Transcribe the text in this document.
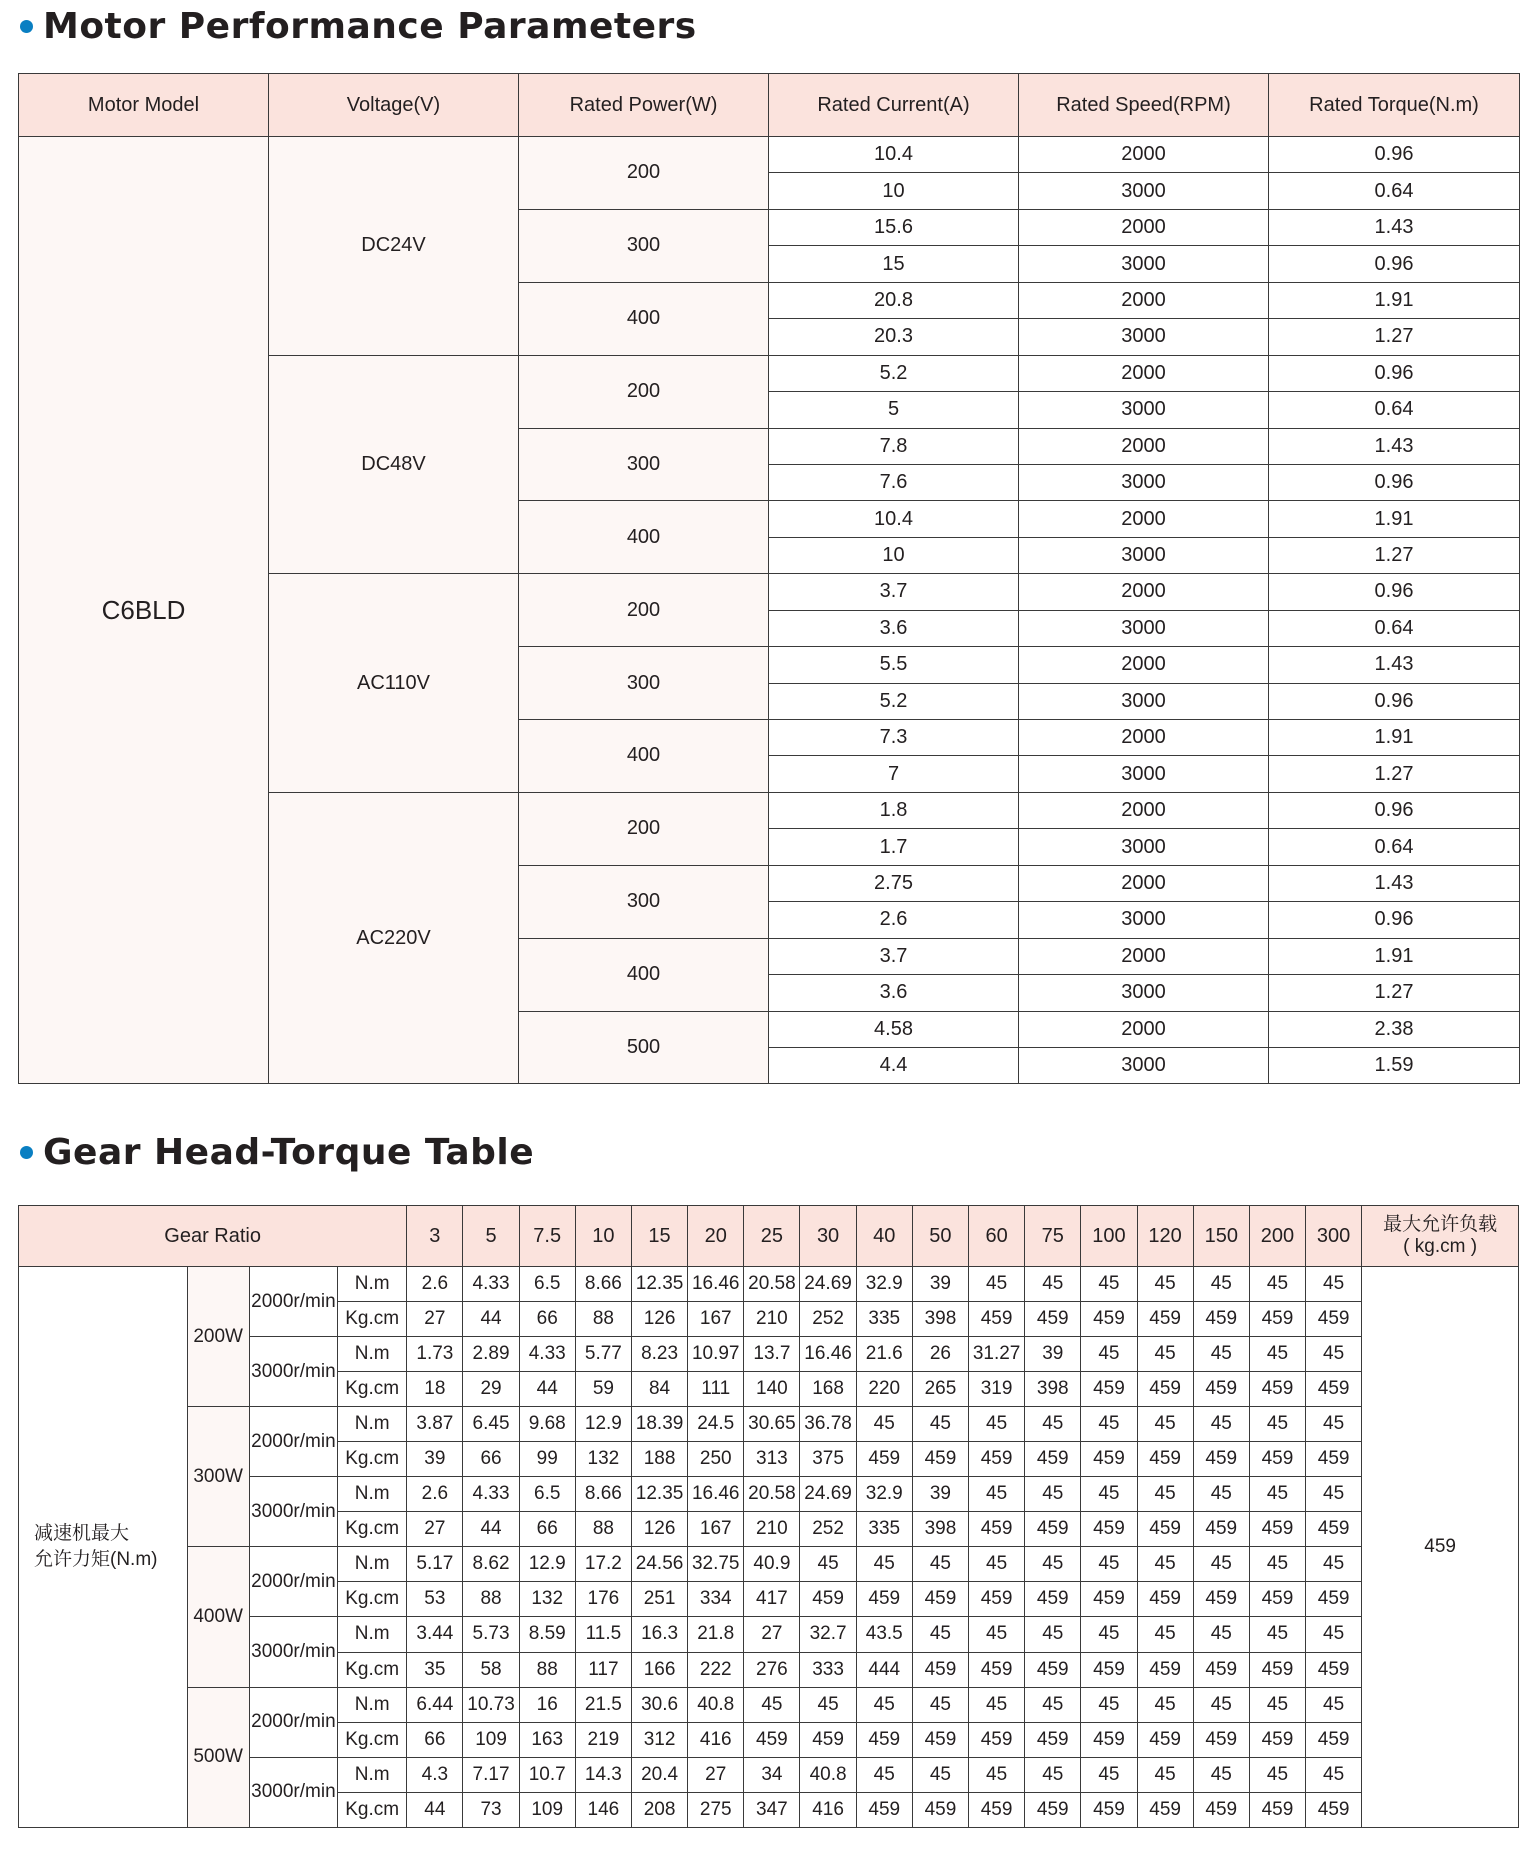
Motor Performance Parameters
Motor Model	Voltage(V)	Rated Power(W)	Rated Current(A)	Rated Speed(RPM)	Rated Torque(N.m)
C6BLD	DC24V	200	10.4	2000	0.96
			10	3000	0.64
		300	15.6	2000	1.43
			15	3000	0.96
		400	20.8	2000	1.91
			20.3	3000	1.27
	DC48V	200	5.2	2000	0.96
			5	3000	0.64
		300	7.8	2000	1.43
			7.6	3000	0.96
		400	10.4	2000	1.91
			10	3000	1.27
	AC110V	200	3.7	2000	0.96
			3.6	3000	0.64
		300	5.5	2000	1.43
			5.2	3000	0.96
		400	7.3	2000	1.91
			7	3000	1.27
	AC220V	200	1.8	2000	0.96
			1.7	3000	0.64
		300	2.75	2000	1.43
			2.6	3000	0.96
		400	3.7	2000	1.91
			3.6	3000	1.27
		500	4.58	2000	2.38
			4.4	3000	1.59
Gear Head-Torque Table
Gear Ratio				3	5	7.5	10	15	20	25	30	40	50	60	75	100	120	150	200	300	最大允许负载
( kg.cm )
减速机最大
允许力矩(N.m)	200W	2000r/min	N.m	2.6	4.33	6.5	8.66	12.35	16.46	20.58	24.69	32.9	39	45	45	45	45	45	45	45	459
			Kg.cm	27	44	66	88	126	167	210	252	335	398	459	459	459	459	459	459	459	
		3000r/min	N.m	1.73	2.89	4.33	5.77	8.23	10.97	13.7	16.46	21.6	26	31.27	39	45	45	45	45	45	
			Kg.cm	18	29	44	59	84	111	140	168	220	265	319	398	459	459	459	459	459	
	300W	2000r/min	N.m	3.87	6.45	9.68	12.9	18.39	24.5	30.65	36.78	45	45	45	45	45	45	45	45	45	
			Kg.cm	39	66	99	132	188	250	313	375	459	459	459	459	459	459	459	459	459	
		3000r/min	N.m	2.6	4.33	6.5	8.66	12.35	16.46	20.58	24.69	32.9	39	45	45	45	45	45	45	45	
			Kg.cm	27	44	66	88	126	167	210	252	335	398	459	459	459	459	459	459	459	
	400W	2000r/min	N.m	5.17	8.62	12.9	17.2	24.56	32.75	40.9	45	45	45	45	45	45	45	45	45	45	
			Kg.cm	53	88	132	176	251	334	417	459	459	459	459	459	459	459	459	459	459	
		3000r/min	N.m	3.44	5.73	8.59	11.5	16.3	21.8	27	32.7	43.5	45	45	45	45	45	45	45	45	
			Kg.cm	35	58	88	117	166	222	276	333	444	459	459	459	459	459	459	459	459	
	500W	2000r/min	N.m	6.44	10.73	16	21.5	30.6	40.8	45	45	45	45	45	45	45	45	45	45	45	
			Kg.cm	66	109	163	219	312	416	459	459	459	459	459	459	459	459	459	459	459	
		3000r/min	N.m	4.3	7.17	10.7	14.3	20.4	27	34	40.8	45	45	45	45	45	45	45	45	45	
			Kg.cm	44	73	109	146	208	275	347	416	459	459	459	459	459	459	459	459	459	
